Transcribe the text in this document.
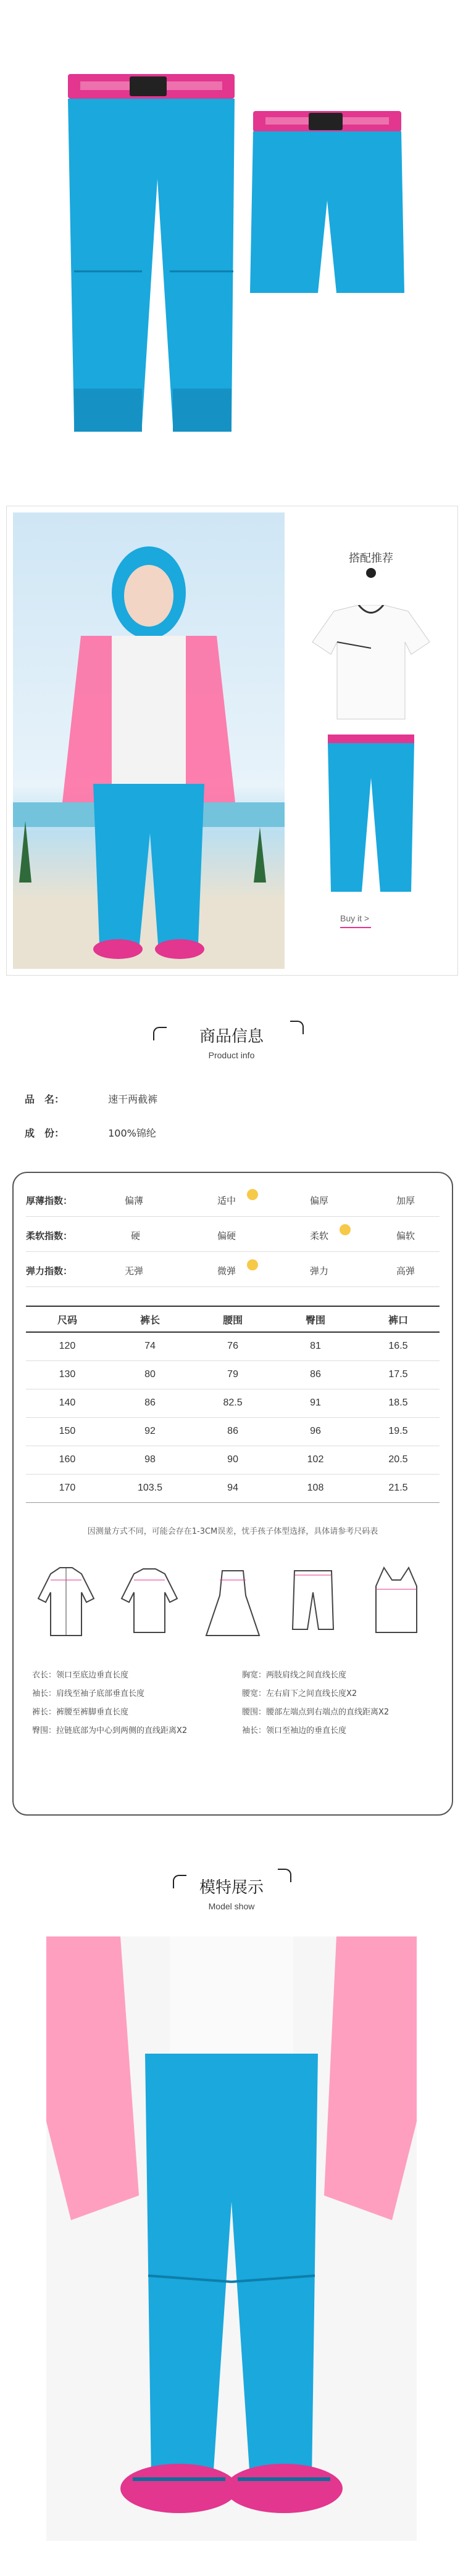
搭配推荐
Buy it >
商品信息
Product info
品　名：	速干两截裤
成　份：	100%锦纶
厚薄指数：	偏薄	适中	偏厚	加厚
柔软指数：	硬	偏硬	柔软	偏软
弹力指数：	无弹	微弹	弹力	高弹
尺码	裤长	腰围	臀围	裤口
120	74	76	81	16.5
130	80	79	86	17.5
140	86	82.5	91	18.5
150	92	86	96	19.5
160	98	90	102	20.5
170	103.5	94	108	21.5
因测量方式不同，可能会存在1-3CM误差，忧手孩子体型选择，具体请参考尺码表
衣长：领口至底边垂直长度	胸宽：两肢肩线之间直线长度
袖长：肩线至袖子底部垂直长度	腰宽：左右肩下之间直线长度X2
裤长：裤腰至裤脚垂直长度	腰围：腰部左端点到右端点的直线距离X2
臀围：拉链底部为中心到两侧的直线距离X2	袖长：领口至袖边的垂直长度
模特展示
Model show
